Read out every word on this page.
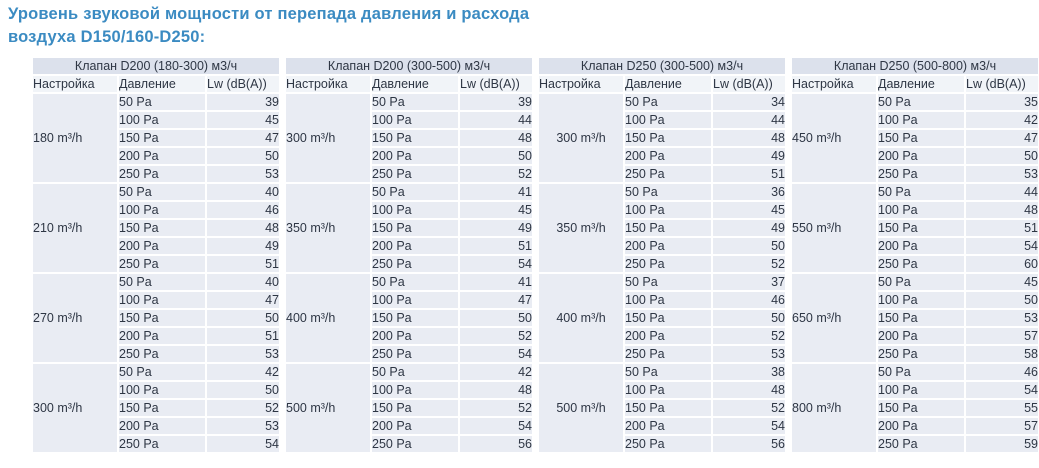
Уровень звуковой мощности от перепада давления и расхода
воздуха D150/160-D250:
Клапан D200 (180-300) м3/ч		
Настройка	Давление	Lw (dB(A))
180 m³/h	50 Pa	39
	100 Pa	45
	150 Pa	47
	200 Pa	50
	250 Pa	53
210 m³/h	50 Pa	40
	100 Pa	46
	150 Pa	48
	200 Pa	49
	250 Pa	51
270 m³/h	50 Pa	40
	100 Pa	47
	150 Pa	50
	200 Pa	51
	250 Pa	53
300 m³/h	50 Pa	42
	100 Pa	50
	150 Pa	52
	200 Pa	53
	250 Pa	54
Клапан D200 (300-500) м3/ч		
Настройка	Давление	Lw (dB(A))
300 m³/h	50 Pa	39
	100 Pa	44
	150 Pa	48
	200 Pa	50
	250 Pa	52
350 m³/h	50 Pa	41
	100 Pa	45
	150 Pa	49
	200 Pa	51
	250 Pa	54
400 m³/h	50 Pa	41
	100 Pa	47
	150 Pa	50
	200 Pa	52
	250 Pa	54
500 m³/h	50 Pa	42
	100 Pa	48
	150 Pa	52
	200 Pa	54
	250 Pa	56
Клапан D250 (300-500) м3/ч		
Настройка	Давление	Lw (dB(A))
300 m³/h	50 Pa	34
	100 Pa	44
	150 Pa	48
	200 Pa	49
	250 Pa	51
350 m³/h	50 Pa	36
	100 Pa	45
	150 Pa	49
	200 Pa	50
	250 Pa	52
400 m³/h	50 Pa	37
	100 Pa	46
	150 Pa	50
	200 Pa	52
	250 Pa	53
500 m³/h	50 Pa	38
	100 Pa	48
	150 Pa	52
	200 Pa	54
	250 Pa	56
Клапан D250 (500-800) м3/ч		
Настройка	Давление	Lw (dB(A))
450 m³/h	50 Pa	35
	100 Pa	42
	150 Pa	47
	200 Pa	50
	250 Pa	53
550 m³/h	50 Pa	44
	100 Pa	48
	150 Pa	51
	200 Pa	54
	250 Pa	60
650 m³/h	50 Pa	45
	100 Pa	50
	150 Pa	53
	200 Pa	57
	250 Pa	58
800 m³/h	50 Pa	46
	100 Pa	54
	150 Pa	55
	200 Pa	57
	250 Pa	59
